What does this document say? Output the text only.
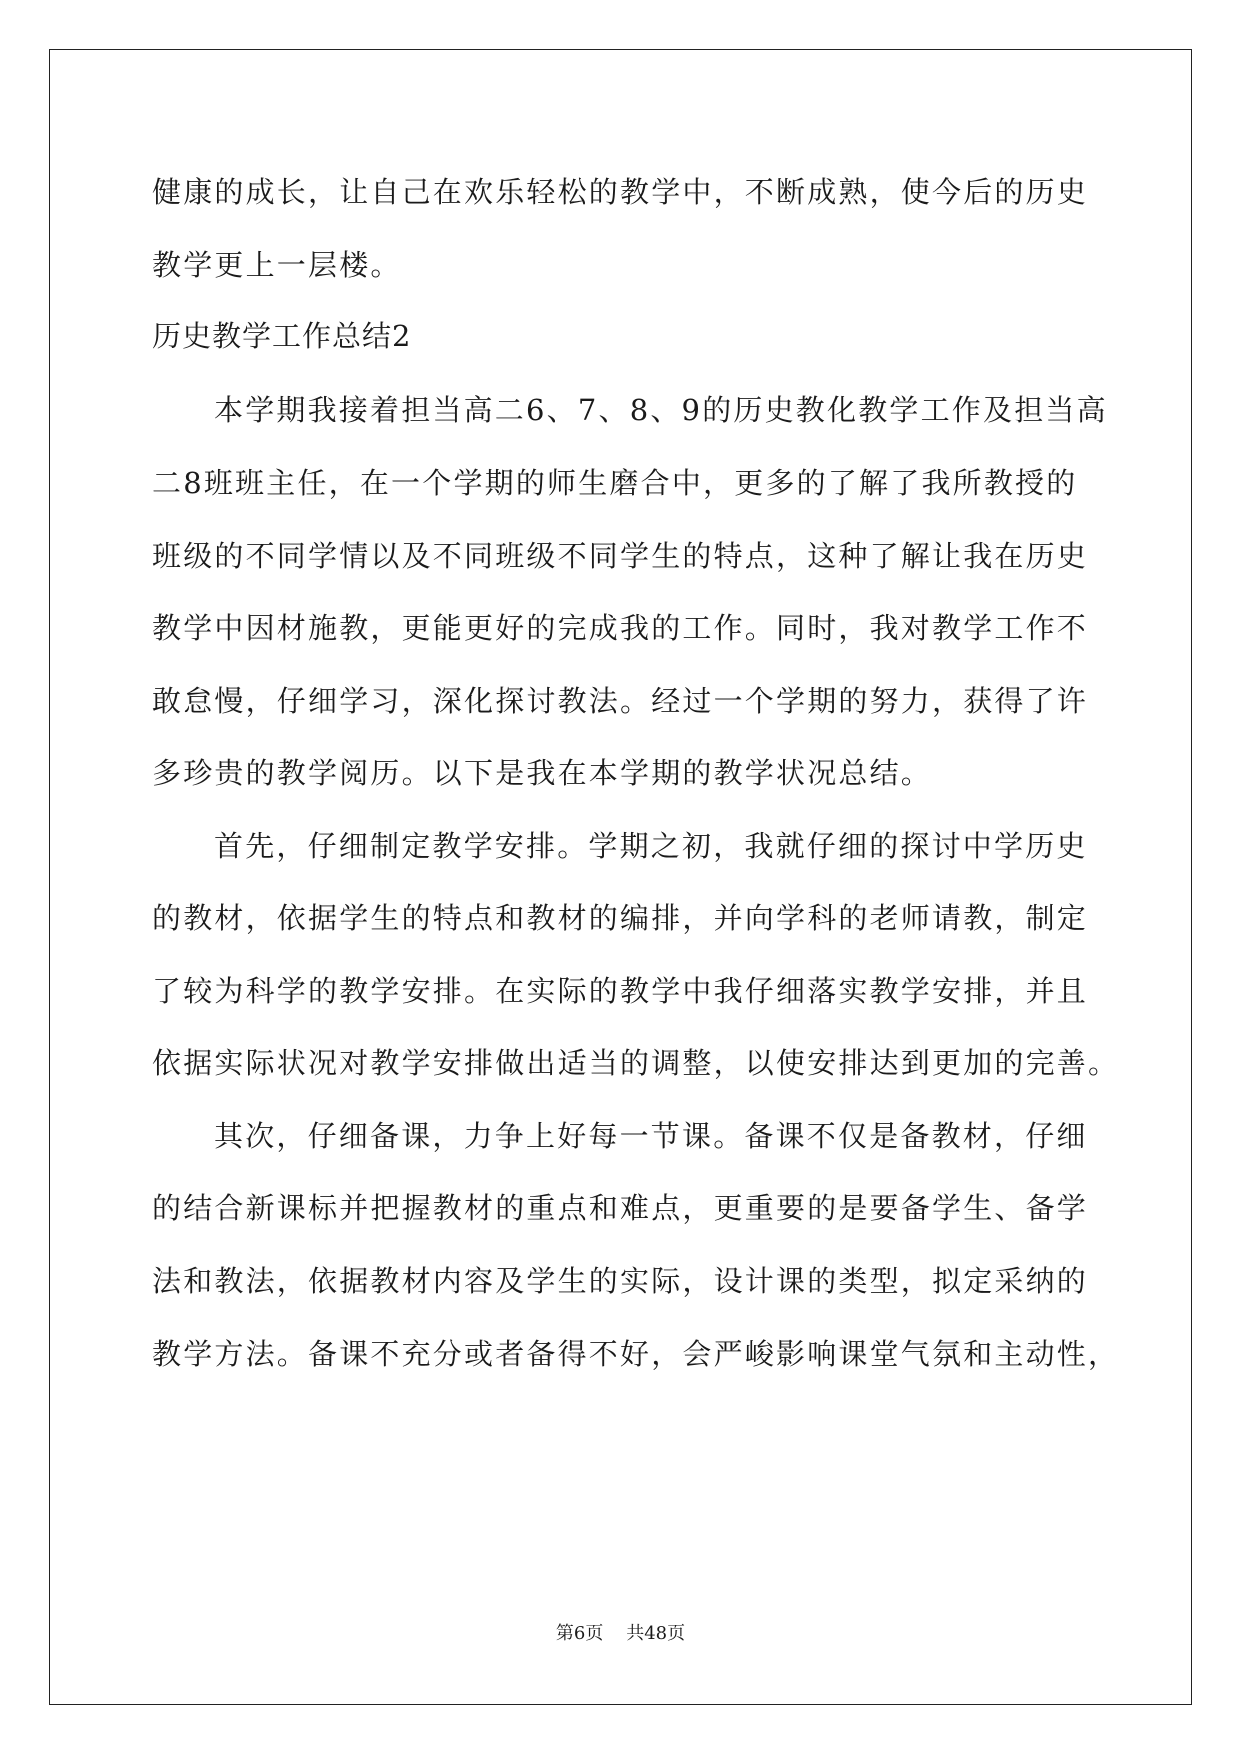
健康的成长，让自己在欢乐轻松的教学中，不断成熟，使今后的历史
教学更上一层楼。
历史教学工作总结2
本学期我接着担当高二6、7、8、9的历史教化教学工作及担当高
二8班班主任，在一个学期的师生磨合中，更多的了解了我所教授的
班级的不同学情以及不同班级不同学生的特点，这种了解让我在历史
教学中因材施教，更能更好的完成我的工作。同时，我对教学工作不
敢怠慢，仔细学习，深化探讨教法。经过一个学期的努力，获得了许
多珍贵的教学阅历。以下是我在本学期的教学状况总结。
首先，仔细制定教学安排。学期之初，我就仔细的探讨中学历史
的教材，依据学生的特点和教材的编排，并向学科的老师请教，制定
了较为科学的教学安排。在实际的教学中我仔细落实教学安排，并且
依据实际状况对教学安排做出适当的调整，以使安排达到更加的完善。
其次，仔细备课，力争上好每一节课。备课不仅是备教材，仔细
的结合新课标并把握教材的重点和难点，更重要的是要备学生、备学
法和教法，依据教材内容及学生的实际，设计课的类型，拟定采纳的
教学方法。备课不充分或者备得不好，会严峻影响课堂气氛和主动性，
第6页    共48页
